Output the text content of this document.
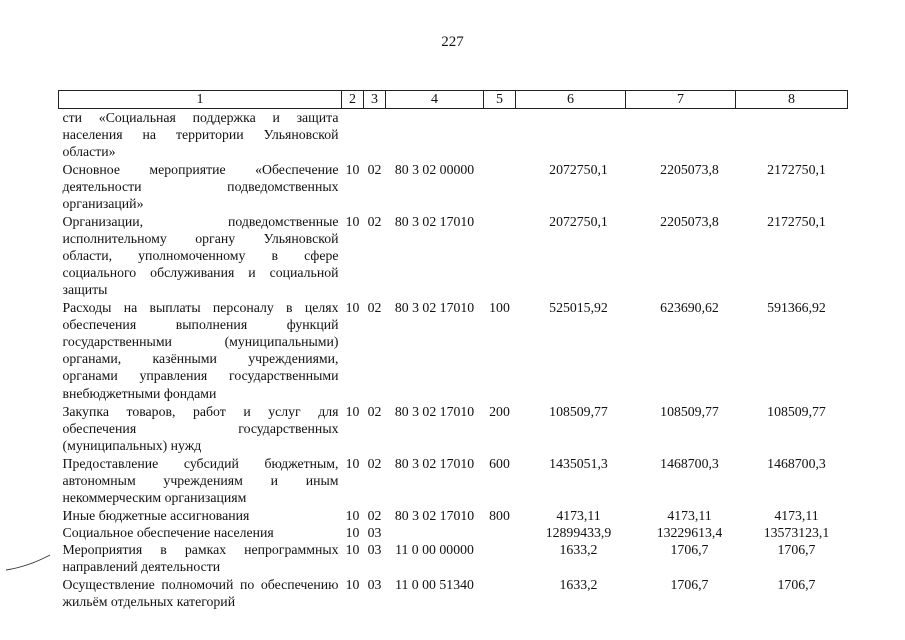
227
1	2	3	4	5	6	7	8
сти «Социальная поддержка и защита населения на территории Ульяновской области»							
Основное мероприятие «Обеспечение деятельности подведомственных организаций»	10	02	80 3 02 00000		2072750,1	2205073,8	2172750,1
Организации, подведомственные исполнительному органу Ульяновской области, уполномоченному в сфере социального обслуживания и социальной защиты	10	02	80 3 02 17010		2072750,1	2205073,8	2172750,1
Расходы на выплаты персоналу в целях обеспечения выполнения функций государственными (муниципальными) органами, казёнными учреждениями, органами управления государственными внебюджетными фондами	10	02	80 3 02 17010	100	525015,92	623690,62	591366,92
Закупка товаров, работ и услуг для обеспечения государственных (муниципальных) нужд	10	02	80 3 02 17010	200	108509,77	108509,77	108509,77
Предоставление субсидий бюджетным, автономным учреждениям и иным некоммерческим организациям	10	02	80 3 02 17010	600	1435051,3	1468700,3	1468700,3
Иные бюджетные ассигнования	10	02	80 3 02 17010	800	4173,11	4173,11	4173,11
Социальное обеспечение населения	10	03			12899433,9	13229613,4	13573123,1
Мероприятия в рамках непрограммных направлений деятельности	10	03	11 0 00 00000		1633,2	1706,7	1706,7
Осуществление полномочий по обеспечению жильём отдельных категорий	10	03	11 0 00 51340		1633,2	1706,7	1706,7
